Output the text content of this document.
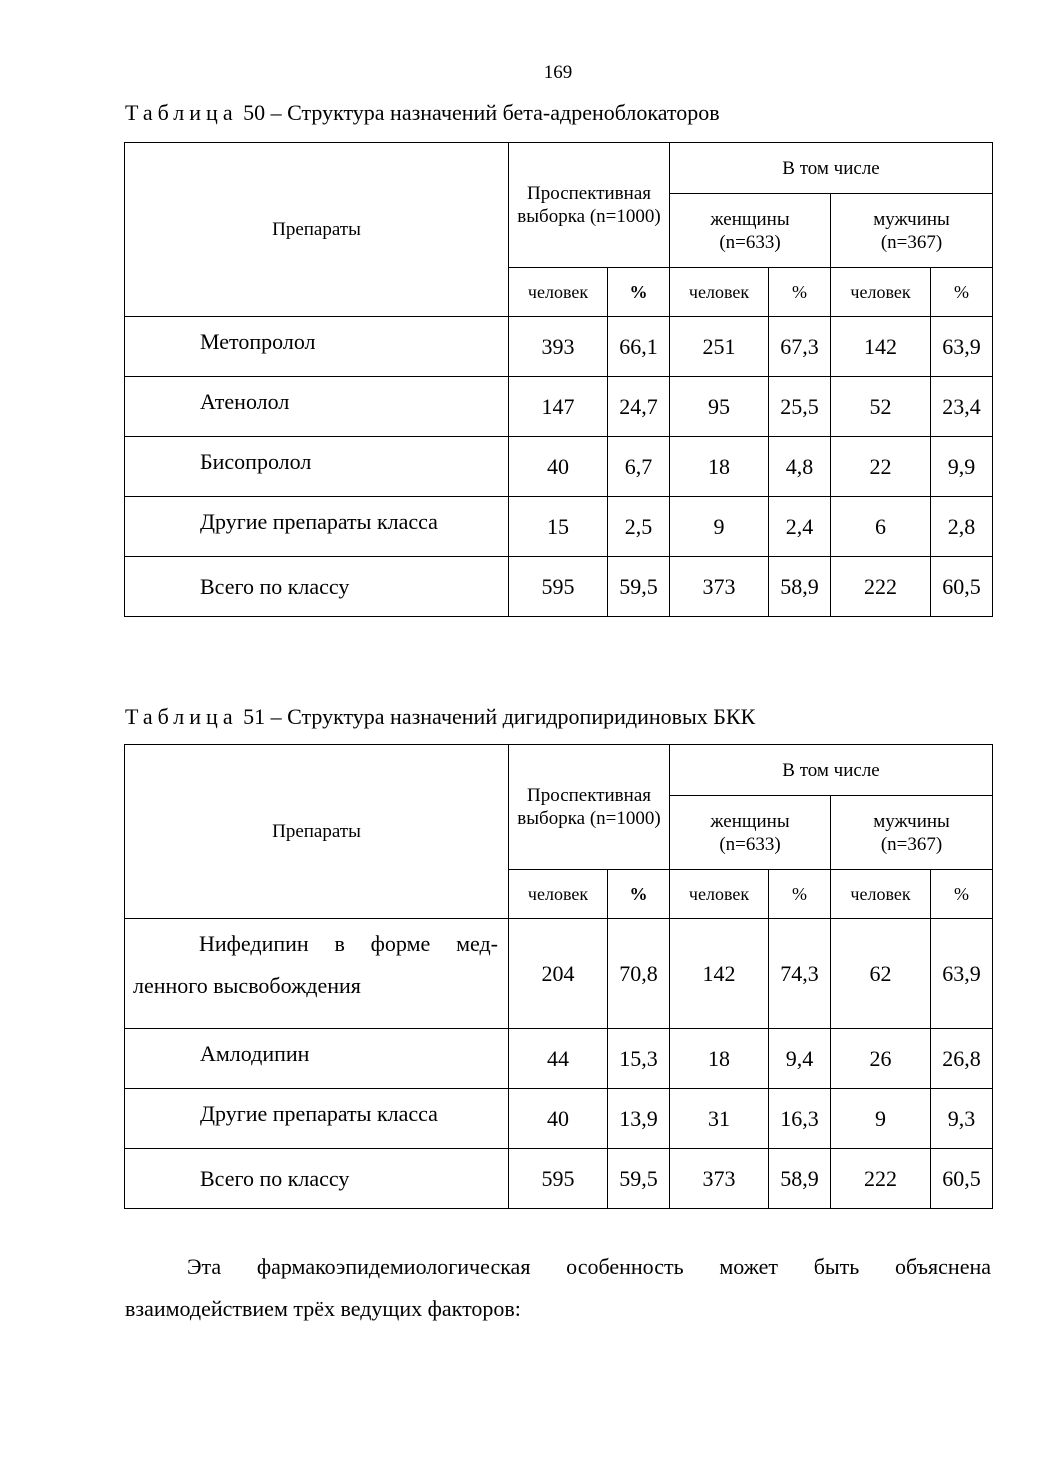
169
Таблица 50 – Структура назначений бета-адреноблокаторов
Препараты	Проспективная выборка (n=1000)		В том числе			
			женщины (n=633)		мужчины (n=367)	
	человек	%	человек	%	человек	%
Метопролол	393	66,1	251	67,3	142	63,9
Атенолол	147	24,7	95	25,5	52	23,4
Бисопролол	40	6,7	18	4,8	22	9,9
Другие препараты класса	15	2,5	9	2,4	6	2,8
Всего по классу	595	59,5	373	58,9	222	60,5
Таблица 51 – Структура назначений дигидропиридиновых БКК
Препараты	Проспективная выборка (n=1000)		В том числе			
			женщины (n=633)		мужчины (n=367)	
	человек	%	человек	%	человек	%
Нифедипин в форме мед-ленного высвобождения	204	70,8	142	74,3	62	63,9
Амлодипин	44	15,3	18	9,4	26	26,8
Другие препараты класса	40	13,9	31	16,3	9	9,3
Всего по классу	595	59,5	373	58,9	222	60,5
Эта фармакоэпидемиологическая особенность может быть объяснена взаимодействием трёх ведущих факторов:
